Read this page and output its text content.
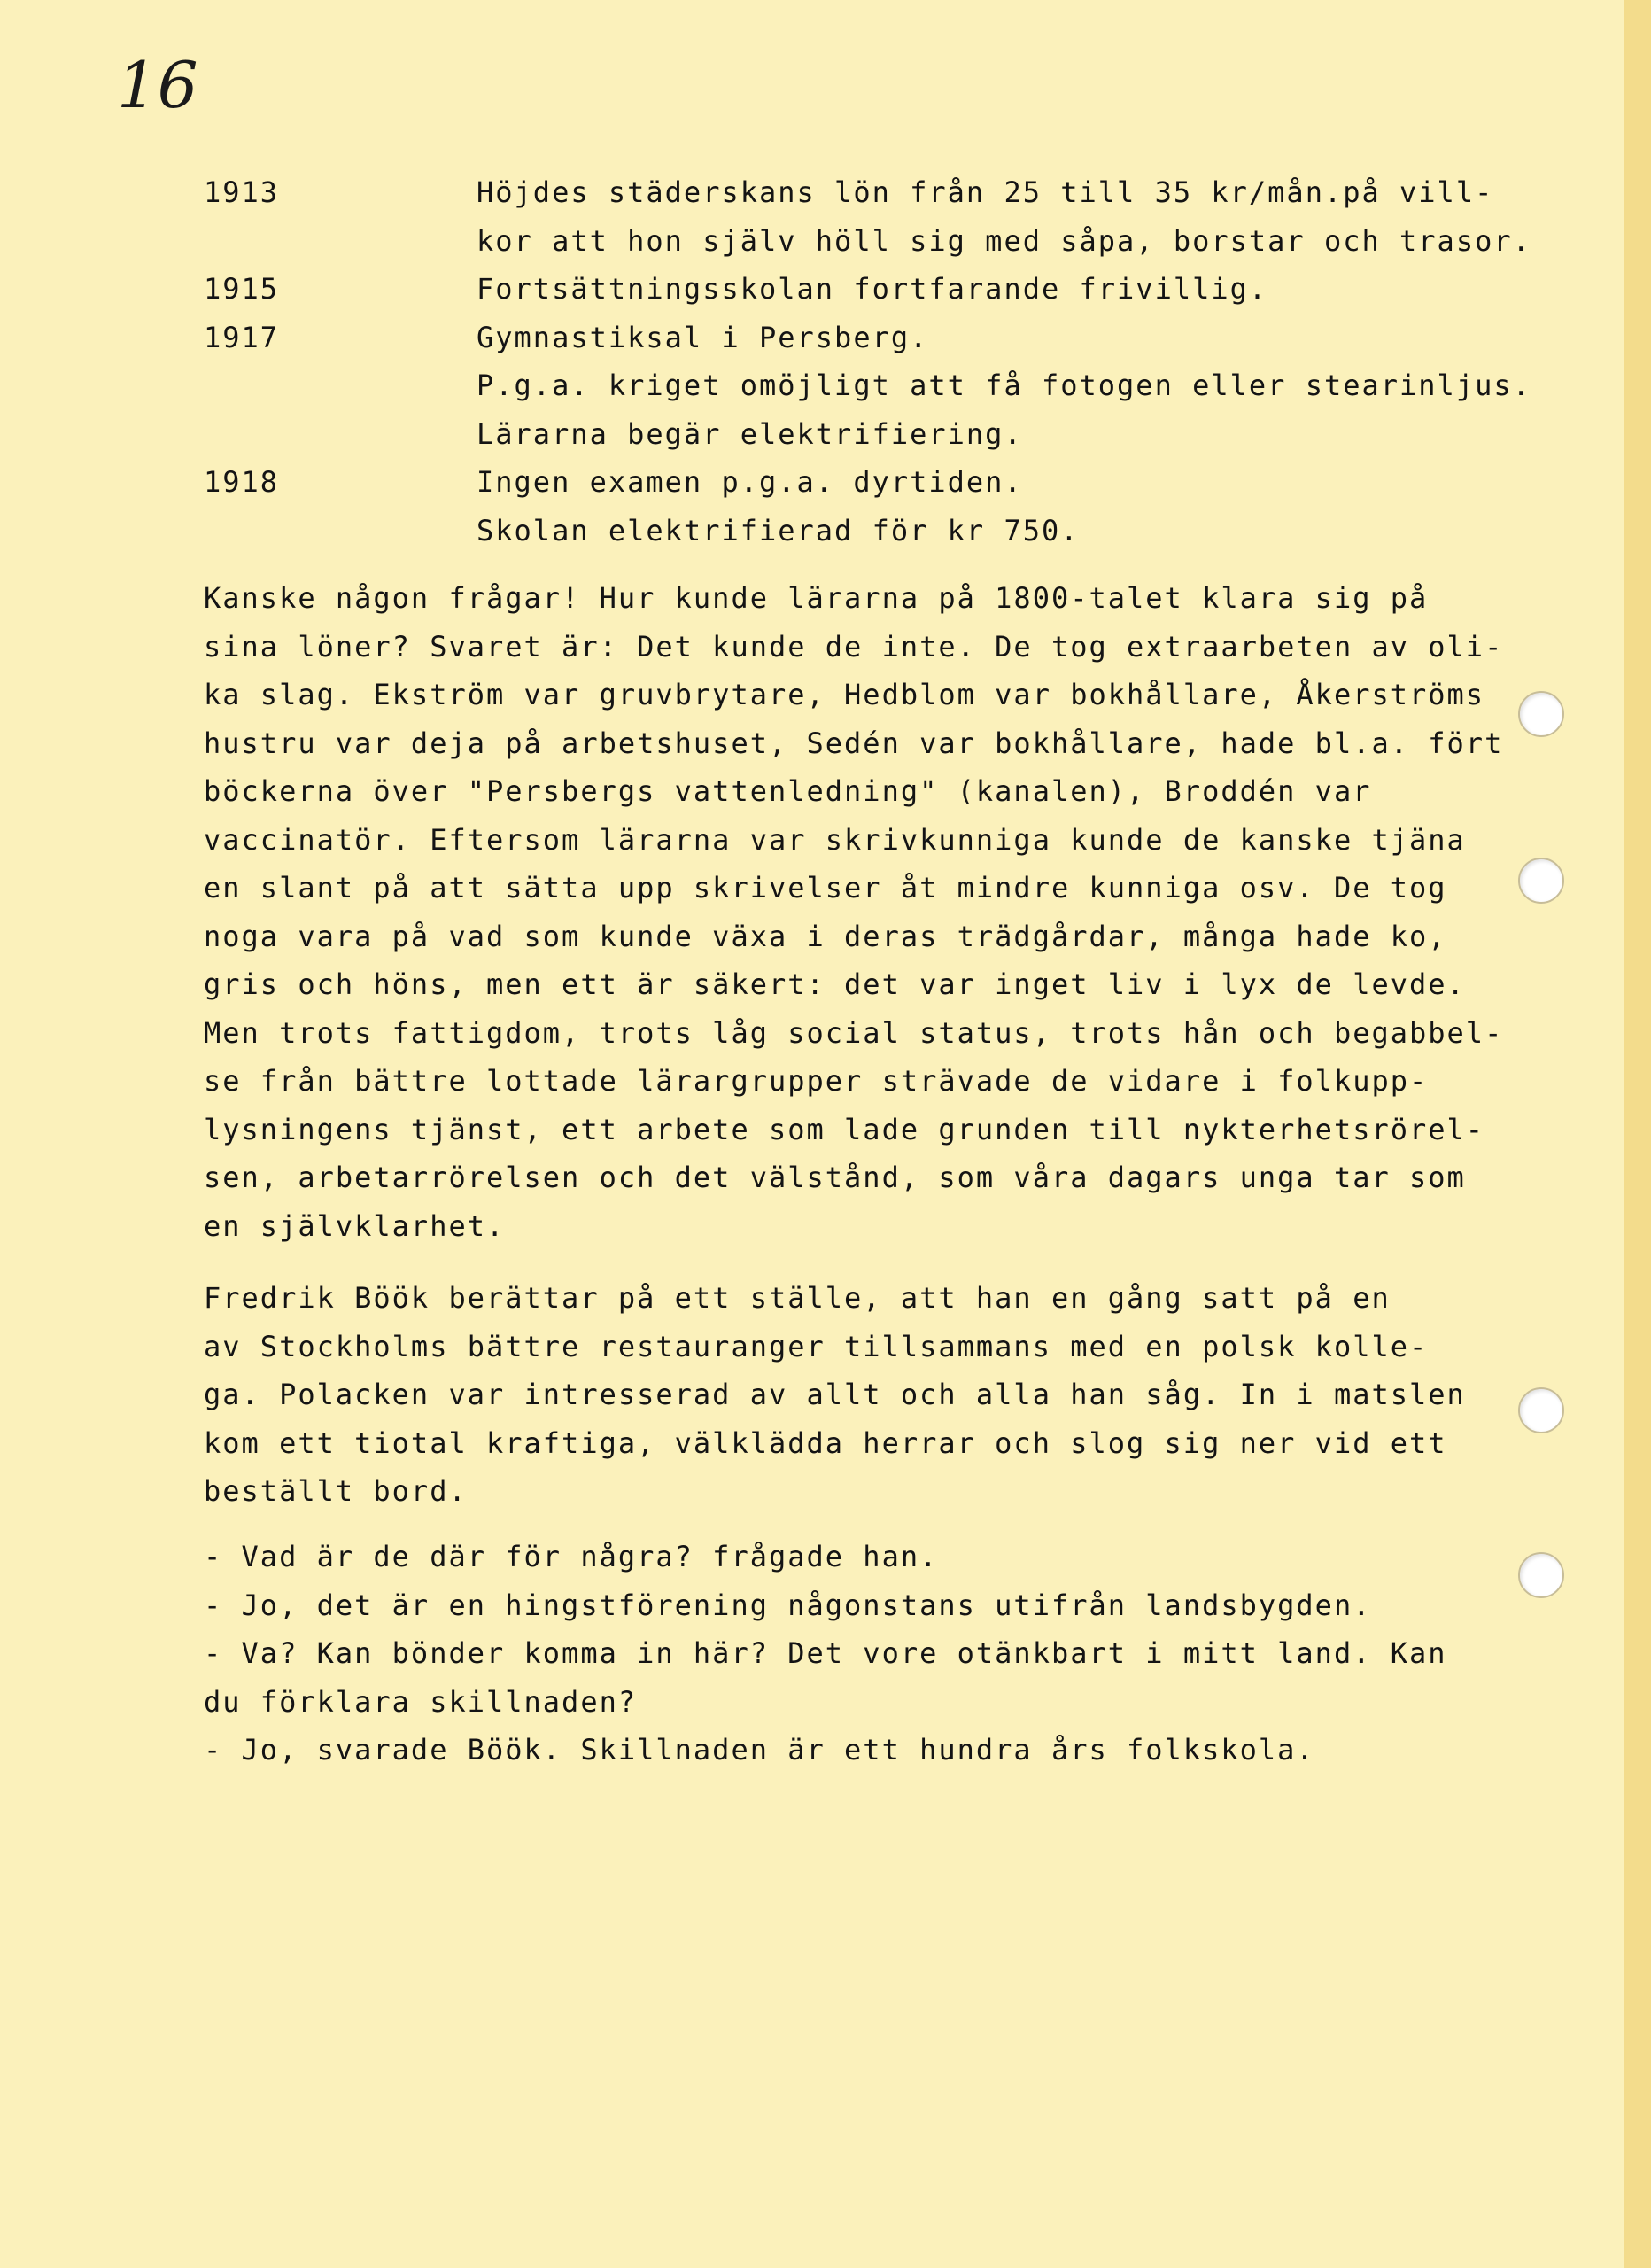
16
1913	Höjdes städerskans lön från 25 till 35 kr/mån.på vill-
kor att hon själv höll sig med såpa, borstar och trasor.
1915	Fortsättningsskolan fortfarande frivillig.
1917	Gymnastiksal i Persberg.
P.g.a. kriget omöjligt att få fotogen eller stearinljus.
Lärarna begär elektrifiering.
1918	Ingen examen p.g.a. dyrtiden.
Skolan elektrifierad för kr 750.
Kanske någon frågar! Hur kunde lärarna på 1800-talet klara sig på
sina löner? Svaret är: Det kunde de inte. De tog extraarbeten av oli-
ka slag. Ekström var gruvbrytare, Hedblom var bokhållare, Åkerströms
hustru var deja på arbetshuset, Sedén var bokhållare, hade bl.a. fört
böckerna över "Persbergs vattenledning" (kanalen), Broddén var
vaccinatör. Eftersom lärarna var skrivkunniga kunde de kanske tjäna
en slant på att sätta upp skrivelser åt mindre kunniga osv. De tog
noga vara på vad som kunde växa i deras trädgårdar, många hade ko,
gris och höns, men ett är säkert: det var inget liv i lyx de levde.
Men trots fattigdom, trots låg social status, trots hån och begabbel-
se från bättre lottade lärargrupper strävade de vidare i folkupp-
lysningens tjänst, ett arbete som lade grunden till nykterhetsrörel-
sen, arbetarrörelsen och det välstånd, som våra dagars unga tar som
en självklarhet.
Fredrik Böök berättar på ett ställe, att han en gång satt på en
av Stockholms bättre restauranger tillsammans med en polsk kolle-
ga. Polacken var intresserad av allt och alla han såg. In i matslen
kom ett tiotal kraftiga, välklädda herrar och slog sig ner vid ett
beställt bord.
- Vad är de där för några? frågade han.
- Jo, det är en hingstförening någonstans utifrån landsbygden.
- Va? Kan bönder komma in här? Det vore otänkbart i mitt land. Kan
du förklara skillnaden?
- Jo, svarade Böök. Skillnaden är ett hundra års folkskola.
